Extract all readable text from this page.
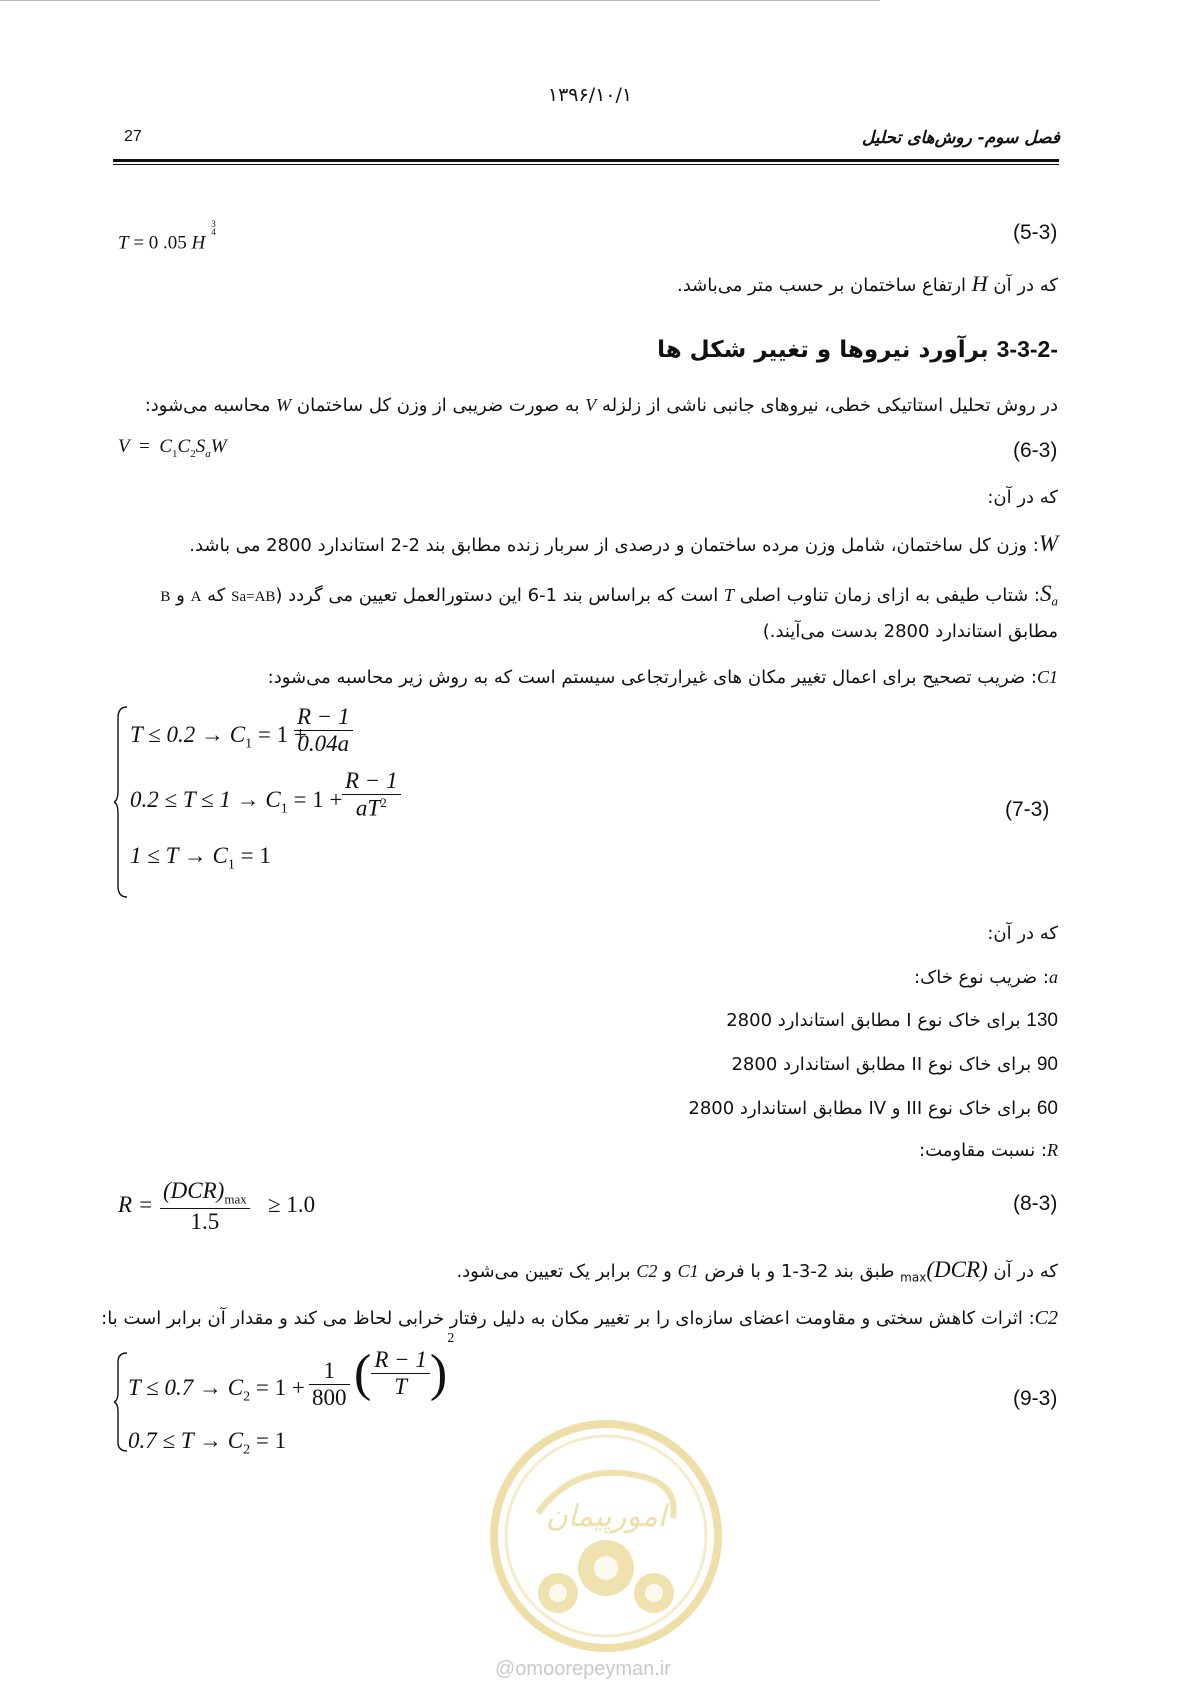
۱۳۹۶/۱۰/۱
27	فصل سوم- روش‌های تحلیل
T = 0 .05 $H^{3 4}$	(5-3)
که در آن H ارتفاع ساختمان بر حسب متر می‌باشد.
3-3-2- برآورد نیروها و تغییر شکل ها
در روش تحلیل استاتیکی خطی، نیروهای جانبی ناشی از زلزله V به صورت ضریبی از وزن کل ساختمان W محاسبه می‌شود:
$V = C_1C_2S_aW$	(6-3)
که در آن:
W: وزن کل ساختمان، شامل وزن مرده ساختمان و درصدی از سربار زنده مطابق بند 2-2 استاندارد 2800 می باشد.
$S_a$: شتاب طیفی به ازای زمان تناوب اصلی T است که براساس بند 1-6 این دستورالعمل تعیین می گردد (Sa=AB که A و B
مطابق استاندارد 2800 بدست می‌آیند.)
C1: ضریب تصحیح برای اعمال تغییر مکان های غیرارتجاعی سیستم است که به روش زیر محاسبه می‌شود:
$T \le 0.2 \to C_1 = 1$ +
$\frac{R - 1}{0.04a}$
$0.2 \le T \le 1 \to C_1 = 1 + \frac{R - 1}{aT^2}$
$1 \le T \to C_1 = 1$
(7-3)
که در آن:
a: ضریب نوع خاک:
130 برای خاک نوع I مطابق استاندارد 2800
90 برای خاک نوع II مطابق استاندارد 2800
60 برای خاک نوع III و IV مطابق استاندارد 2800
R: نسبت مقاومت:
$R = \frac{(DCR)_{max}}{1.5} \ge 1.0$	(8-3)
که در آن $(DCR)_{max}$ طبق بند 2-3-1 و با فرض C1 و C2 برابر یک تعیین می‌شود.
C2: اثرات کاهش سختی و مقاومت اعضای سازه‌ای را بر تغییر مکان به دلیل رفتار خرابی لحاظ می کند و مقدار آن برابر است با:
$T \le 0.7 \to C_2 = 1 + \frac{1}{800}$ ( $\frac{R - 1}{T} )^2$
$0.7 \le T \to C_2 = 1$
(9-3)
امورپیمان
@omoorepeyman.ir
